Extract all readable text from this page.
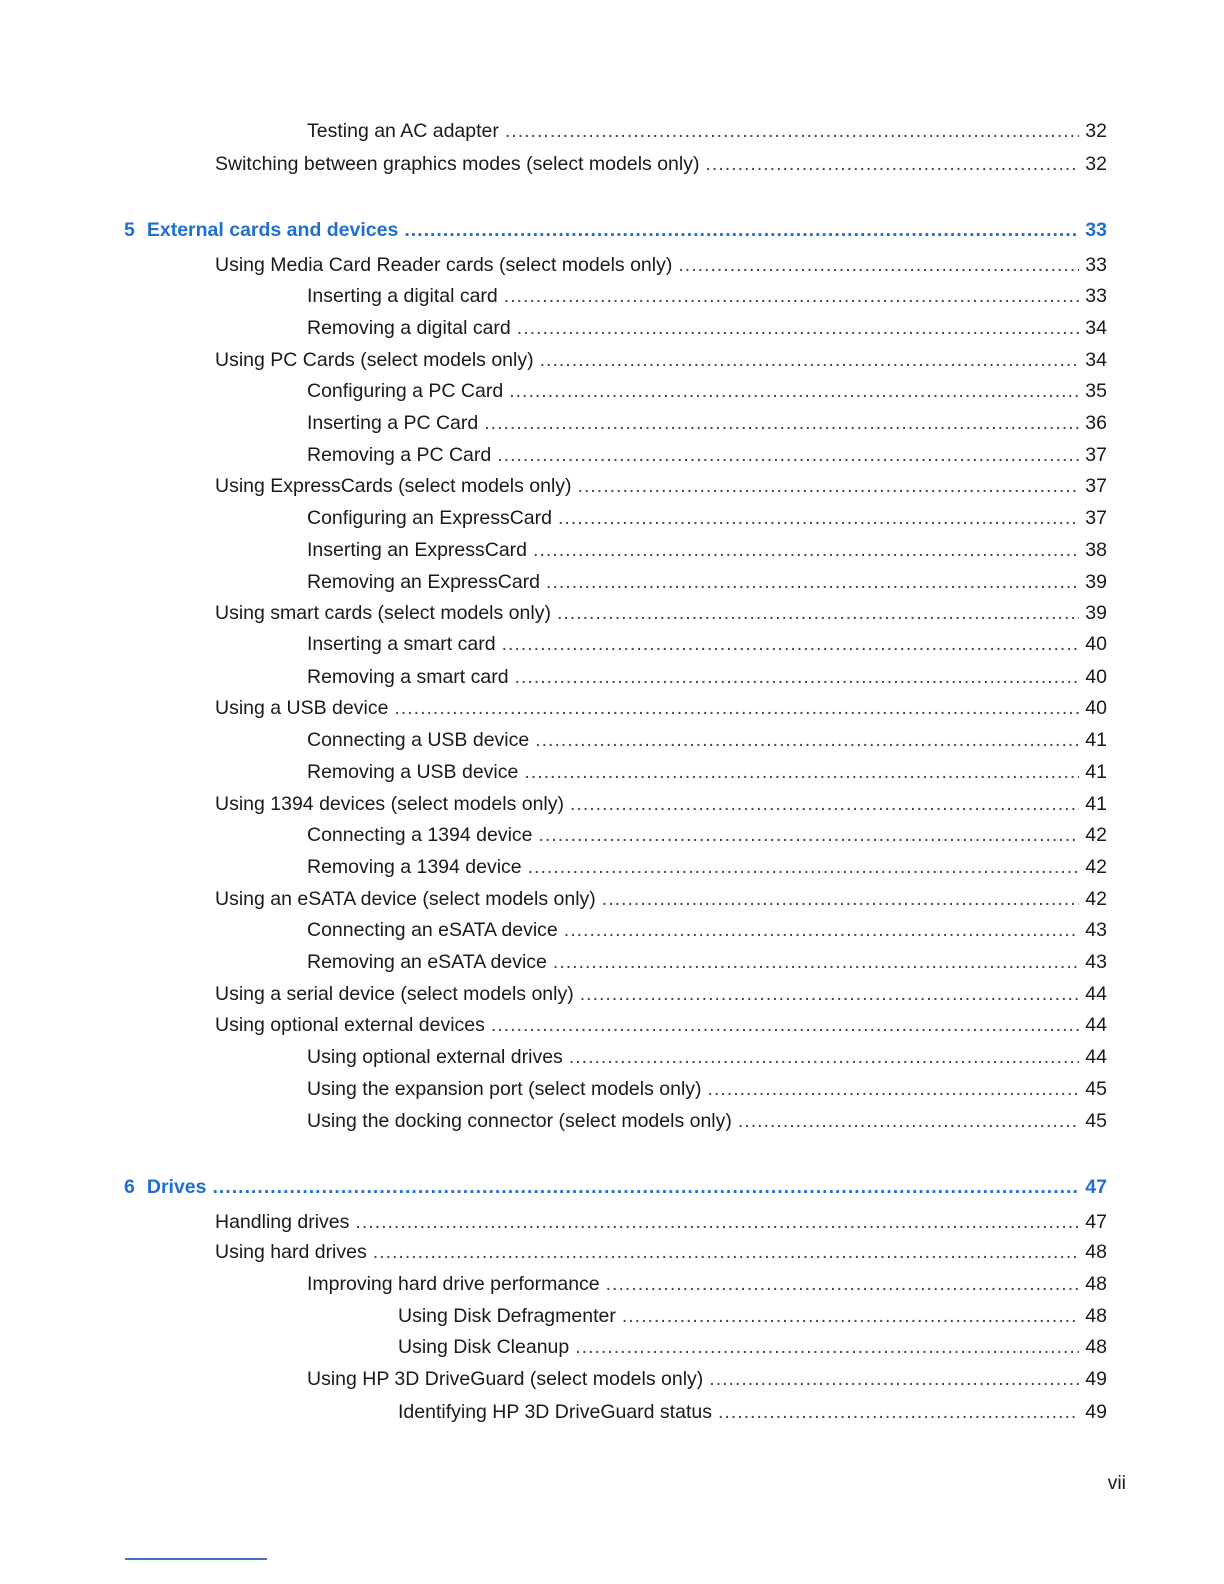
Testing an AC adapter .....	32
Switching between graphics modes (select models only) .....	32
5 External cards and devices .....	33
Using Media Card Reader cards (select models only) .....	33
Inserting a digital card .....	33
Removing a digital card .....	34
Using PC Cards (select models only) .....	34
Configuring a PC Card .....	35
Inserting a PC Card .....	36
Removing a PC Card .....	37
Using ExpressCards (select models only) .....	37
Configuring an ExpressCard .....	37
Inserting an ExpressCard .....	38
Removing an ExpressCard .....	39
Using smart cards (select models only) .....	39
Inserting a smart card .....	40
Removing a smart card .....	40
Using a USB device .....	40
Connecting a USB device .....	41
Removing a USB device .....	41
Using 1394 devices (select models only) .....	41
Connecting a 1394 device .....	42
Removing a 1394 device .....	42
Using an eSATA device (select models only) .....	42
Connecting an eSATA device .....	43
Removing an eSATA device .....	43
Using a serial device (select models only) .....	44
Using optional external devices .....	44
Using optional external drives .....	44
Using the expansion port (select models only) .....	45
Using the docking connector (select models only) .....	45
6 Drives .....	47
Handling drives .....	47
Using hard drives .....	48
Improving hard drive performance .....	48
Using Disk Defragmenter .....	48
Using Disk Cleanup .....	48
Using HP 3D DriveGuard (select models only) .....	49
Identifying HP 3D DriveGuard status .....	49
vii
